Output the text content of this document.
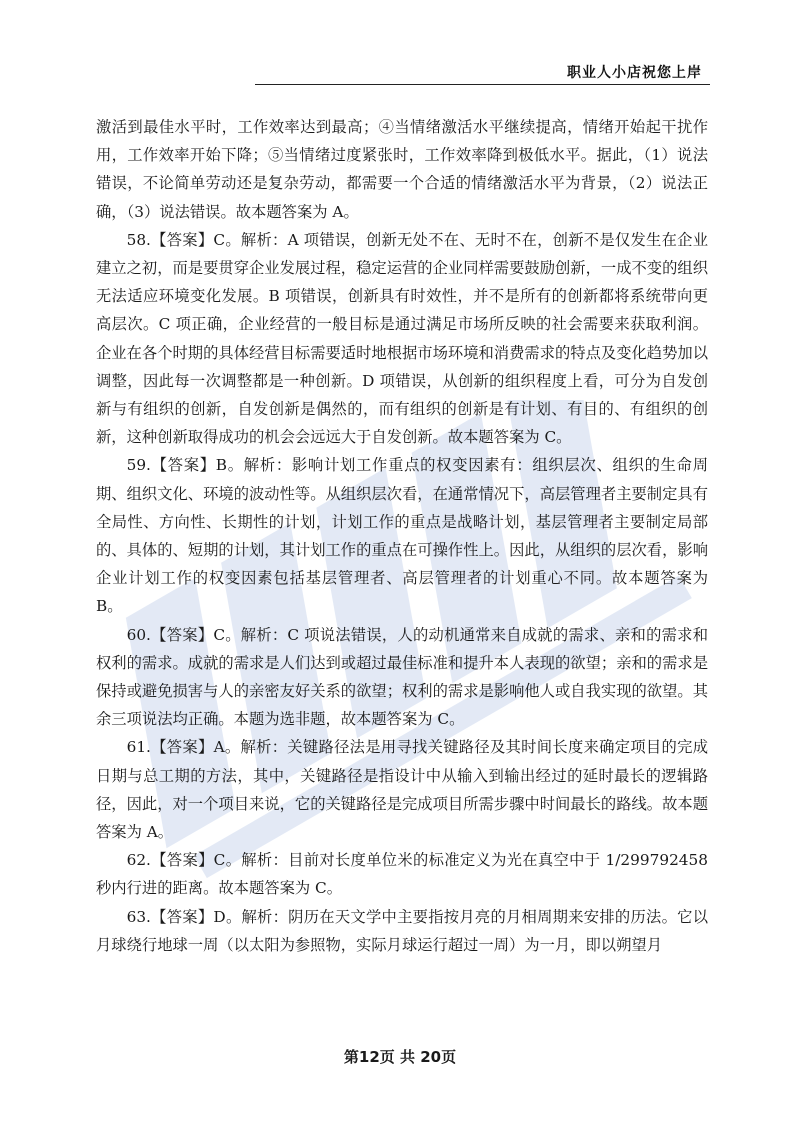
职业人小店祝您上岸

激活到最佳水平时，工作效率达到最高；④当情绪激活水平继续提高，情绪开始起干扰作用，工作效率开始下降；⑤当情绪过度紧张时，工作效率降到极低水平。据此，（1）说法错误，不论简单劳动还是复杂劳动，都需要一个合适的情绪激活水平为背景，（2）说法正确，（3）说法错误。故本题答案为 A。

58.【答案】C。解析：A 项错误，创新无处不在、无时不在，创新不是仅发生在企业建立之初，而是要贯穿企业发展过程，稳定运营的企业同样需要鼓励创新，一成不变的组织无法适应环境变化发展。B 项错误，创新具有时效性，并不是所有的创新都将系统带向更高层次。C 项正确，企业经营的一般目标是通过满足市场所反映的社会需要来获取利润。企业在各个时期的具体经营目标需要适时地根据市场环境和消费需求的特点及变化趋势加以调整，因此每一次调整都是一种创新。D 项错误，从创新的组织程度上看，可分为自发创新与有组织的创新，自发创新是偶然的，而有组织的创新是有计划、有目的、有组织的创新，这种创新取得成功的机会会远远大于自发创新。故本题答案为 C。

59.【答案】B。解析：影响计划工作重点的权变因素有：组织层次、组织的生命周期、组织文化、环境的波动性等。从组织层次看，在通常情况下，高层管理者主要制定具有全局性、方向性、长期性的计划，计划工作的重点是战略计划，基层管理者主要制定局部的、具体的、短期的计划，其计划工作的重点在可操作性上。因此，从组织的层次看，影响企业计划工作的权变因素包括基层管理者、高层管理者的计划重心不同。故本题答案为 B。

60.【答案】C。解析：C 项说法错误，人的动机通常来自成就的需求、亲和的需求和权利的需求。成就的需求是人们达到或超过最佳标准和提升本人表现的欲望；亲和的需求是保持或避免损害与人的亲密友好关系的欲望；权利的需求是影响他人或自我实现的欲望。其余三项说法均正确。本题为选非题，故本题答案为 C。

61.【答案】A。解析：关键路径法是用寻找关键路径及其时间长度来确定项目的完成日期与总工期的方法，其中，关键路径是指设计中从输入到输出经过的延时最长的逻辑路径，因此，对一个项目来说，它的关键路径是完成项目所需步骤中时间最长的路线。故本题答案为 A。

62.【答案】C。解析：目前对长度单位米的标准定义为光在真空中于 1/299792458 秒内行进的距离。故本题答案为 C。

63.【答案】D。解析：阴历在天文学中主要指按月亮的月相周期来安排的历法。它以月球绕行地球一周（以太阳为参照物，实际月球运行超过一周）为一月，即以朔望月

第12页 共 20页
